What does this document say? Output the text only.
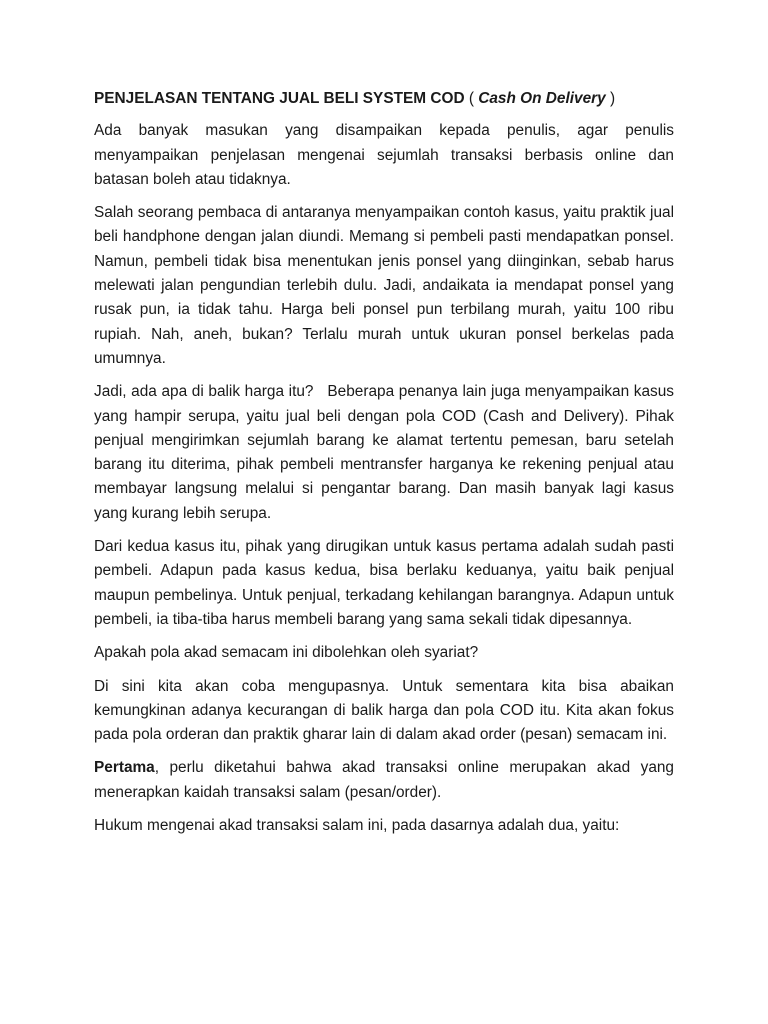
PENJELASAN TENTANG JUAL BELI SYSTEM COD ( Cash On Delivery )

Ada banyak masukan yang disampaikan kepada penulis, agar penulis menyampaikan penjelasan mengenai sejumlah transaksi berbasis online dan batasan boleh atau tidaknya.

Salah seorang pembaca di antaranya menyampaikan contoh kasus, yaitu praktik jual beli handphone dengan jalan diundi. Memang si pembeli pasti mendapatkan ponsel. Namun, pembeli tidak bisa menentukan jenis ponsel yang diinginkan, sebab harus melewati jalan pengundian terlebih dulu. Jadi, andaikata ia mendapat ponsel yang rusak pun, ia tidak tahu. Harga beli ponsel pun terbilang murah, yaitu 100 ribu rupiah. Nah, aneh, bukan? Terlalu murah untuk ukuran ponsel berkelas pada umumnya.

Jadi, ada apa di balik harga itu?   Beberapa penanya lain juga menyampaikan kasus yang hampir serupa, yaitu jual beli dengan pola COD (Cash and Delivery). Pihak penjual mengirimkan sejumlah barang ke alamat tertentu pemesan, baru setelah barang itu diterima, pihak pembeli mentransfer harganya ke rekening penjual atau membayar langsung melalui si pengantar barang. Dan masih banyak lagi kasus yang kurang lebih serupa.

Dari kedua kasus itu, pihak yang dirugikan untuk kasus pertama adalah sudah pasti pembeli. Adapun pada kasus kedua, bisa berlaku keduanya, yaitu baik penjual maupun pembelinya. Untuk penjual, terkadang kehilangan barangnya. Adapun untuk pembeli, ia tiba-tiba harus membeli barang yang sama sekali tidak dipesannya.

Apakah pola akad semacam ini dibolehkan oleh syariat?

Di sini kita akan coba mengupasnya. Untuk sementara kita bisa abaikan kemungkinan adanya kecurangan di balik harga dan pola COD itu. Kita akan fokus pada pola orderan dan praktik gharar lain di dalam akad order (pesan) semacam ini.

Pertama, perlu diketahui bahwa akad transaksi online merupakan akad yang menerapkan kaidah transaksi salam (pesan/order).

Hukum mengenai akad transaksi salam ini, pada dasarnya adalah dua, yaitu:
